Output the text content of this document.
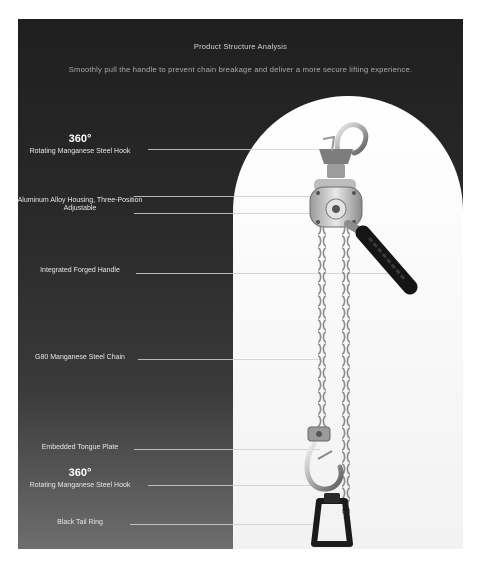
Product Structure Analysis
Smoothly pull the handle to prevent chain breakage and deliver a more secure lifting experience.
360°
Rotating Manganese Steel Hook
Aluminum Alloy Housing, Three-Position Adjustable
Integrated Forged Handle
G80 Manganese Steel Chain
Embedded Tongue Plate
360°
Rotating Manganese Steel Hook
Black Tail Ring
